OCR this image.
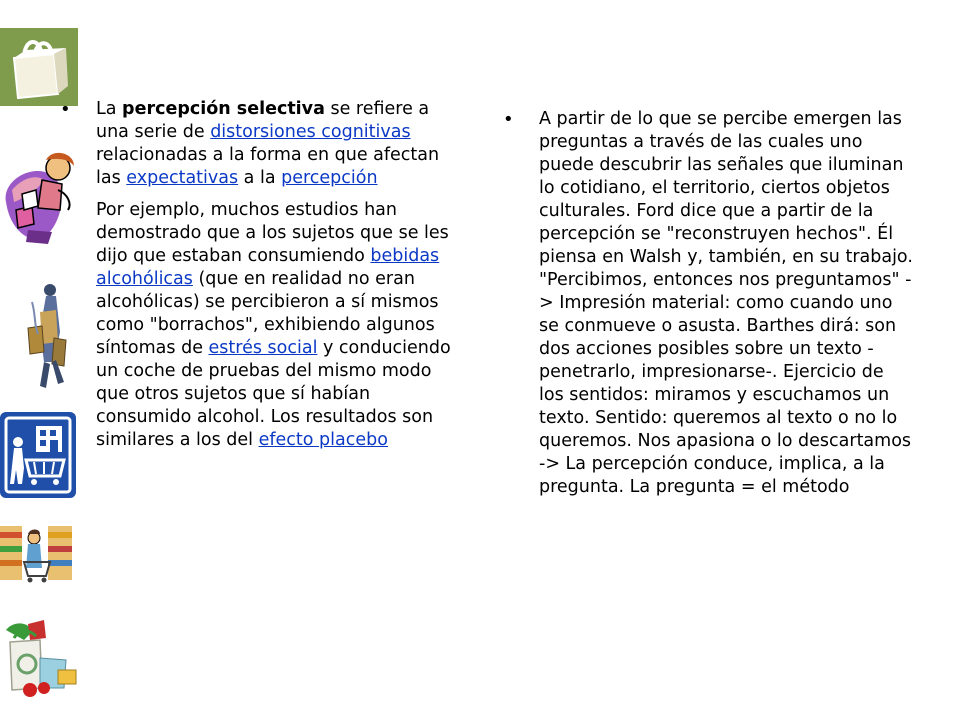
•	La percepción selectiva se refiere a una serie de distorsiones cognitivas relacionadas a la forma en que afectan las expectativas a la percepción

Por ejemplo, muchos estudios han demostrado que a los sujetos que se les dijo que estaban consumiendo bebidas alcohólicas (que en realidad no eran alcohólicas) se percibieron a sí mismos como "borrachos", exhibiendo algunos síntomas de estrés social y conduciendo un coche de pruebas del mismo modo que otros sujetos que sí habían consumido alcohol. Los resultados son similares a los del efecto placebo

•	A partir de lo que se percibe emergen las preguntas a través de las cuales uno puede descubrir las señales que iluminan lo cotidiano, el territorio, ciertos objetos culturales. Ford dice que a partir de la percepción se "reconstruyen hechos". Él piensa en Walsh y, también, en su trabajo. "Percibimos, entonces nos preguntamos" -> Impresión material: como cuando uno se conmueve o asusta. Barthes dirá: son dos acciones posibles sobre un texto -penetrarlo, impresionarse-. Ejercicio de los sentidos: miramos y escuchamos un texto. Sentido: queremos al texto o no lo queremos. Nos apasiona o lo descartamos -> La percepción conduce, implica, a la pregunta. La pregunta = el método
